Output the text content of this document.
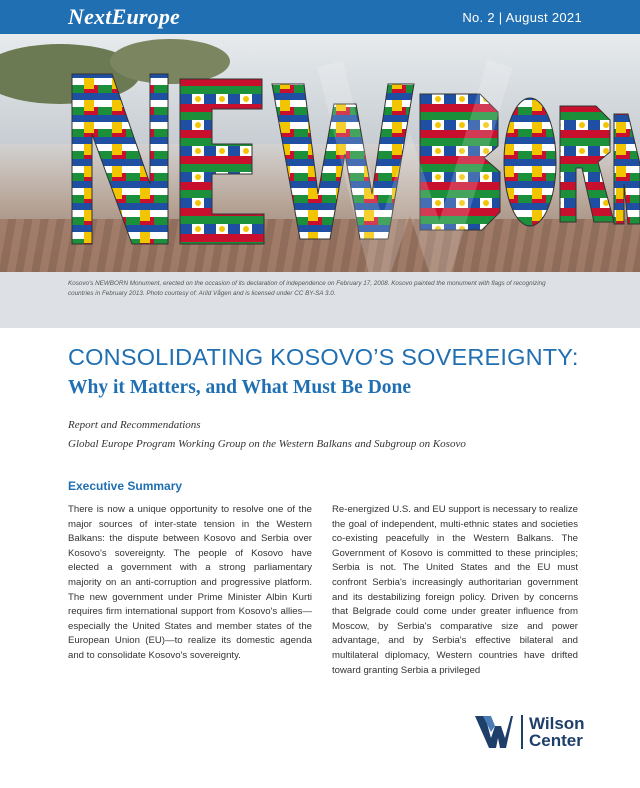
NextEurope	No. 2 | August 2021
Kosovo's NEWBORN Monument, erected on the occasion of its declaration of independence on February 17, 2008. Kosovo painted the monument with flags of recognizing countries in February 2013. Photo courtesy of: Arild Vågen and is licensed under CC BY-SA 3.0.
CONSOLIDATING KOSOVO’S SOVEREIGNTY:
Why it Matters, and What Must Be Done
Report and Recommendations
Global Europe Program Working Group on the Western Balkans and Subgroup on Kosovo
Executive Summary
There is now a unique opportunity to resolve one of the major sources of inter-state tension in the Western Balkans: the dispute between Kosovo and Serbia over Kosovo's sovereignty. The people of Kosovo have elected a government with a strong parliamentary majority on an anti-corruption and progressive platform. The new government under Prime Minister Albin Kurti requires firm international support from Kosovo's allies—especially the United States and member states of the European Union (EU)—to realize its domestic agenda and to consolidate Kosovo's sovereignty.
Re-energized U.S. and EU support is necessary to realize the goal of independent, multi-ethnic states and societies co-existing peacefully in the Western Balkans. The Government of Kosovo is committed to these principles; Serbia is not. The United States and the EU must confront Serbia's increasingly authoritarian government and its destabilizing foreign policy. Driven by concerns that Belgrade could come under greater influence from Moscow, by Serbia's comparative size and power advantage, and by Serbia's effective bilateral and multilateral diplomacy, Western countries have drifted toward granting Serbia a privileged
Wilson
Center
